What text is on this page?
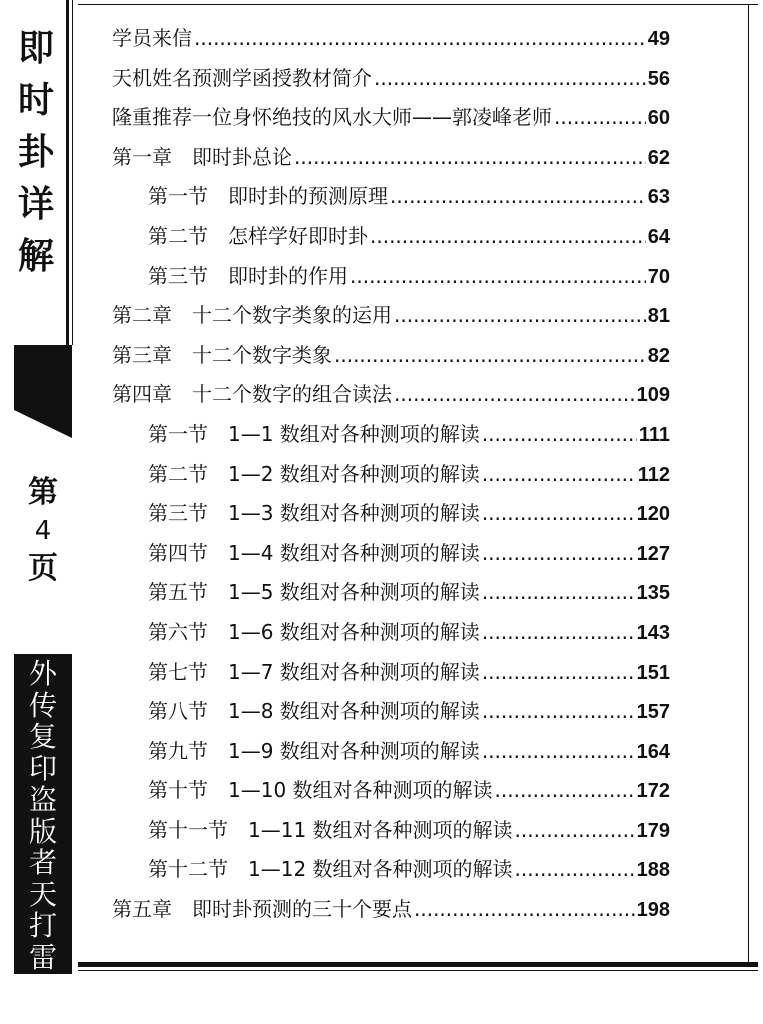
即
时
卦
详
解
第
4
页
外
传
复
印
盗
版
者
天
打
雷
劈
学员来信 .....	49
天机姓名预测学函授教材简介 .....	56
隆重推荐一位身怀绝技的风水大师——郭凌峰老师 .....	60
第一章　即时卦总论 .....	62
第一节　即时卦的预测原理 .....	63
第二节　怎样学好即时卦 .....	64
第三节　即时卦的作用 .....	70
第二章　十二个数字类象的运用 .....	81
第三章　十二个数字类象 .....	82
第四章　十二个数字的组合读法 .....	109
第一节　1—1 数组对各种测项的解读 .....	111
第二节　1—2 数组对各种测项的解读 .....	112
第三节　1—3 数组对各种测项的解读 .....	120
第四节　1—4 数组对各种测项的解读 .....	127
第五节　1—5 数组对各种测项的解读 .....	135
第六节　1—6 数组对各种测项的解读 .....	143
第七节　1—7 数组对各种测项的解读 .....	151
第八节　1—8 数组对各种测项的解读 .....	157
第九节　1—9 数组对各种测项的解读 .....	164
第十节　1—10 数组对各种测项的解读 .....	172
第十一节　1—11 数组对各种测项的解读 .....	179
第十二节　1—12 数组对各种测项的解读 .....	188
第五章　即时卦预测的三十个要点 .....	198
